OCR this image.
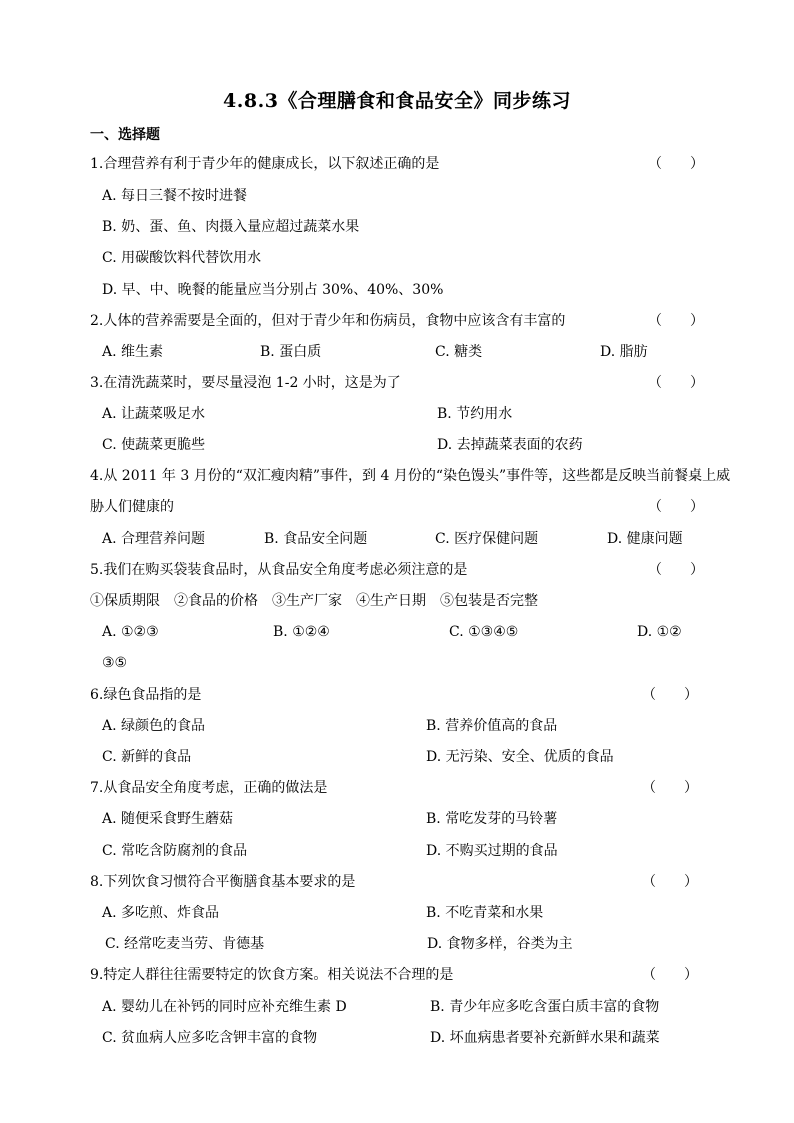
4.8.3《合理膳食和食品安全》同步练习
一、选择题
1.合理营养有利于青少年的健康成长，以下叙述正确的是	（　　）
A. 每日三餐不按时进餐
B. 奶、蛋、鱼、肉摄入量应超过蔬菜水果
C. 用碳酸饮料代替饮用水
D. 早、中、晚餐的能量应当分别占 30%、40%、30%
2.人体的营养需要是全面的，但对于青少年和伤病员，食物中应该含有丰富的	（　　）
A. 维生素	B. 蛋白质	C. 糖类	D. 脂肪
3.在清洗蔬菜时，要尽量浸泡 1-2 小时，这是为了	（　　）
A. 让蔬菜吸足水	B. 节约用水
C. 使蔬菜更脆些	D. 去掉蔬菜表面的农药
4.从 2011 年 3 月份的“双汇瘦肉精”事件，到 4 月份的“染色馒头”事件等，这些都是反映当前餐桌上威
胁人们健康的	（　　）
A. 合理营养问题	B. 食品安全问题	C. 医疗保健问题	D. 健康问题
5.我们在购买袋装食品时，从食品安全角度考虑必须注意的是	（　　）
①保质期限　②食品的价格　③生产厂家　④生产日期　⑤包装是否完整
A. ①②③	B. ①②④	C. ①③④⑤	D. ①②
③⑤
6.绿色食品指的是	（　　）
A. 绿颜色的食品	B. 营养价值高的食品
C. 新鲜的食品	D. 无污染、安全、优质的食品
7.从食品安全角度考虑，正确的做法是	（　　）
A. 随便采食野生蘑菇	B. 常吃发芽的马铃薯
C. 常吃含防腐剂的食品	D. 不购买过期的食品
8.下列饮食习惯符合平衡膳食基本要求的是	（　　）
A. 多吃煎、炸食品	B. 不吃青菜和水果
C. 经常吃麦当劳、肯德基	D. 食物多样，谷类为主
9.特定人群往往需要特定的饮食方案。相关说法不合理的是	（　　）
A. 婴幼儿在补钙的同时应补充维生素 D	B. 青少年应多吃含蛋白质丰富的食物
C. 贫血病人应多吃含钾丰富的食物	D. 坏血病患者要补充新鲜水果和蔬菜
